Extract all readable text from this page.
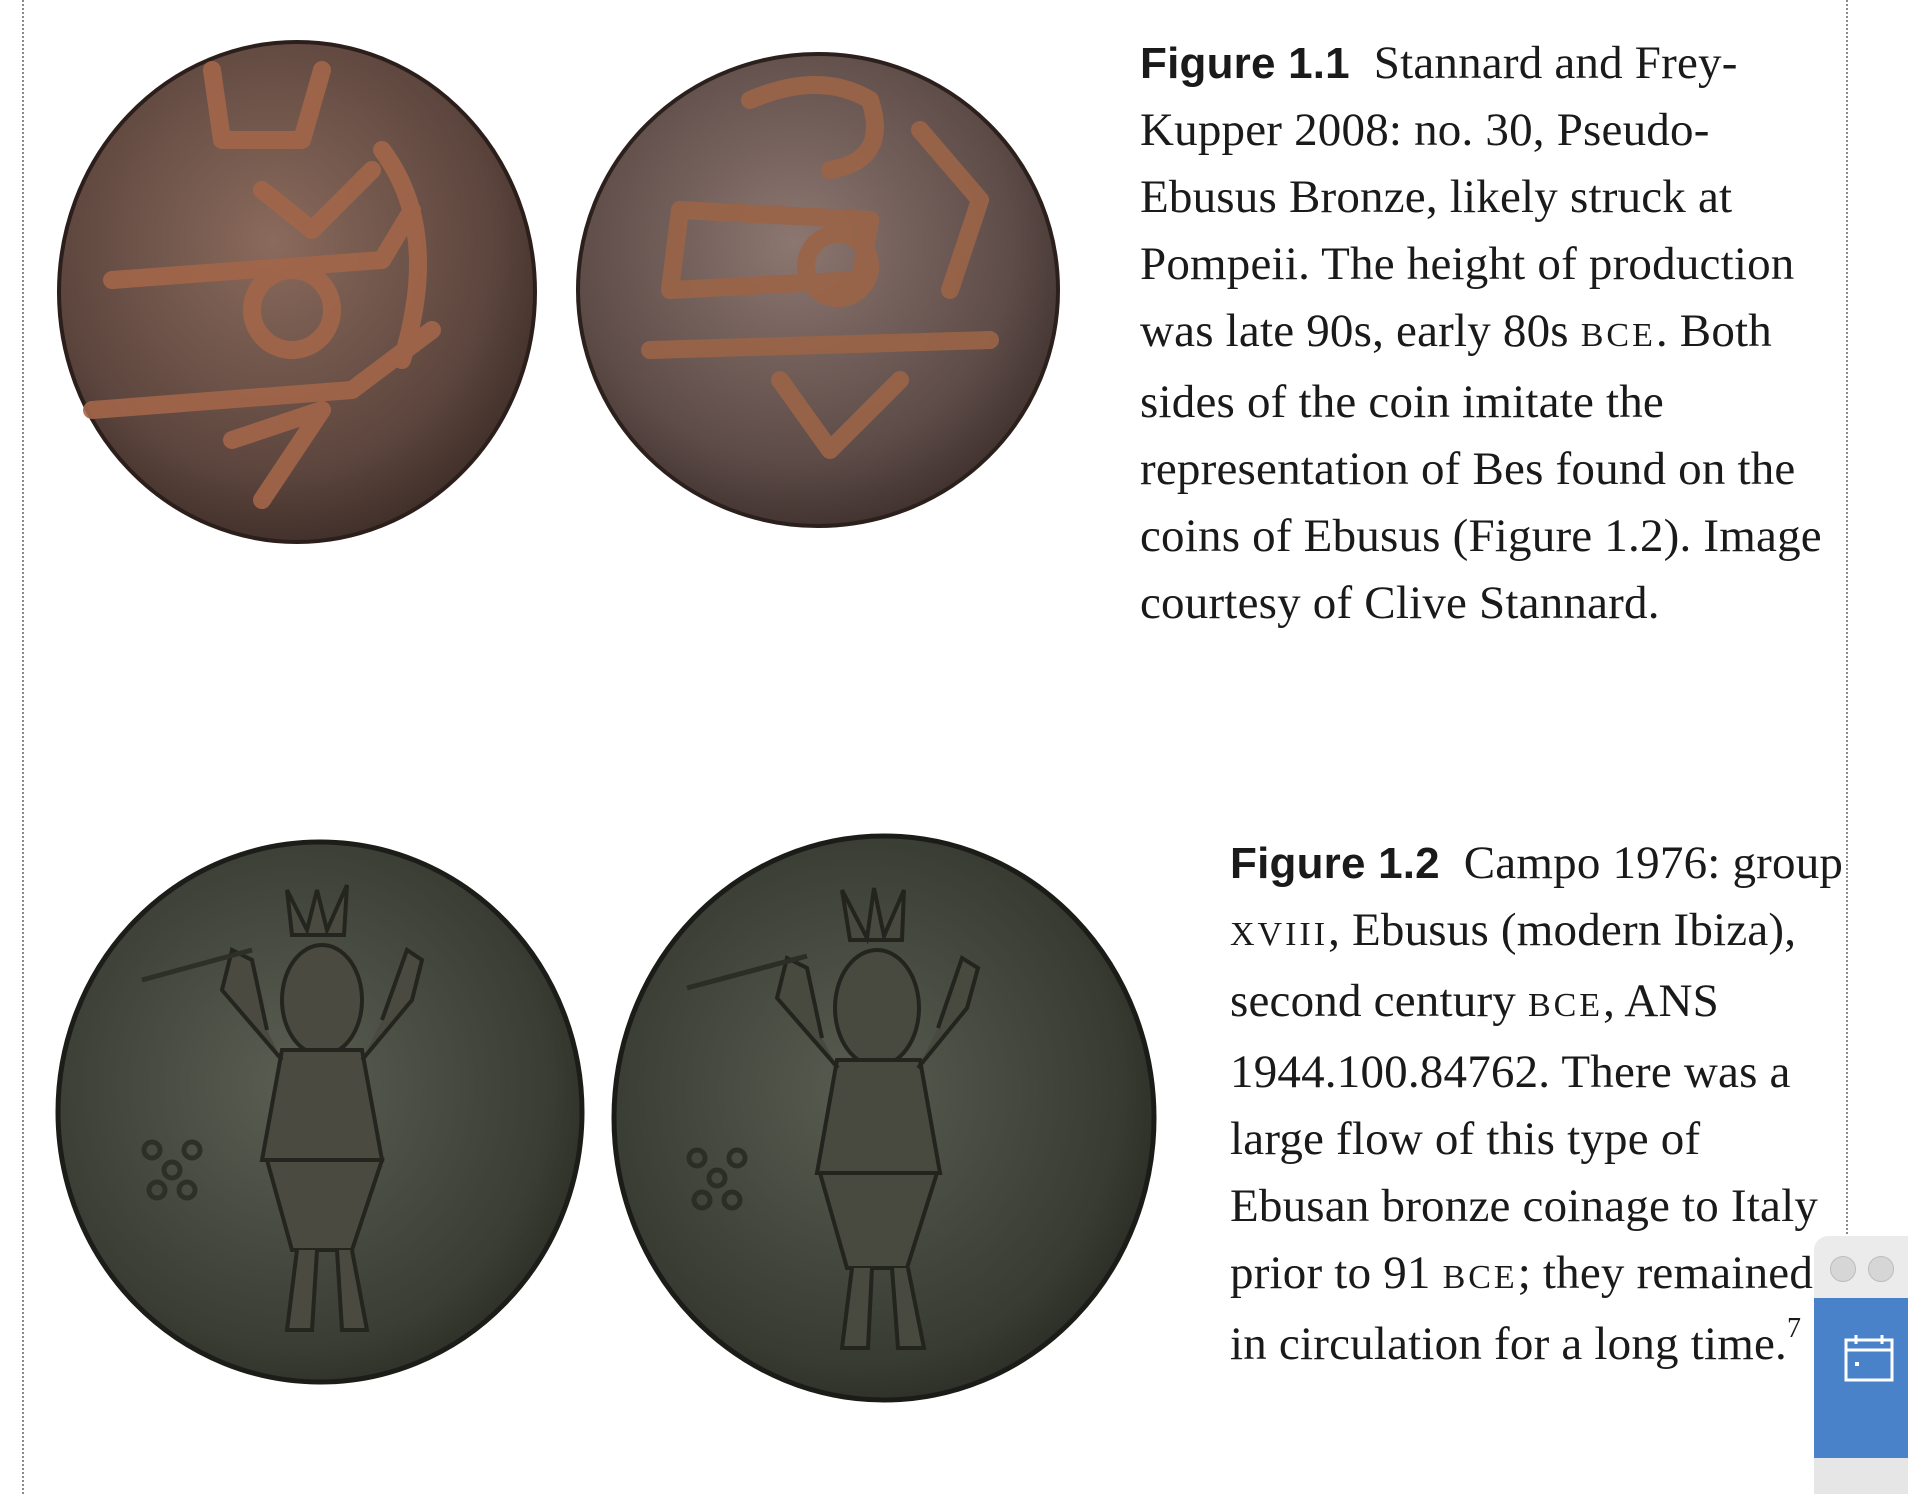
Figure 1.1 Stannard and Frey-Kupper 2008: no. 30, Pseudo-Ebusus Bronze, likely struck at Pompeii. The height of production was late 90s, early 80s BCE. Both sides of the coin imitate the representation of Bes found on the coins of Ebusus (Figure 1.2). Image courtesy of Clive Stannard.
Figure 1.2 Campo 1976: group XVIII, Ebusus (modern Ibiza), second century BCE, ANS 1944.100.84762. There was a large flow of this type of Ebusan bronze coinage to Italy prior to 91 BCE; they remained in circulation for a long time.$^7$
